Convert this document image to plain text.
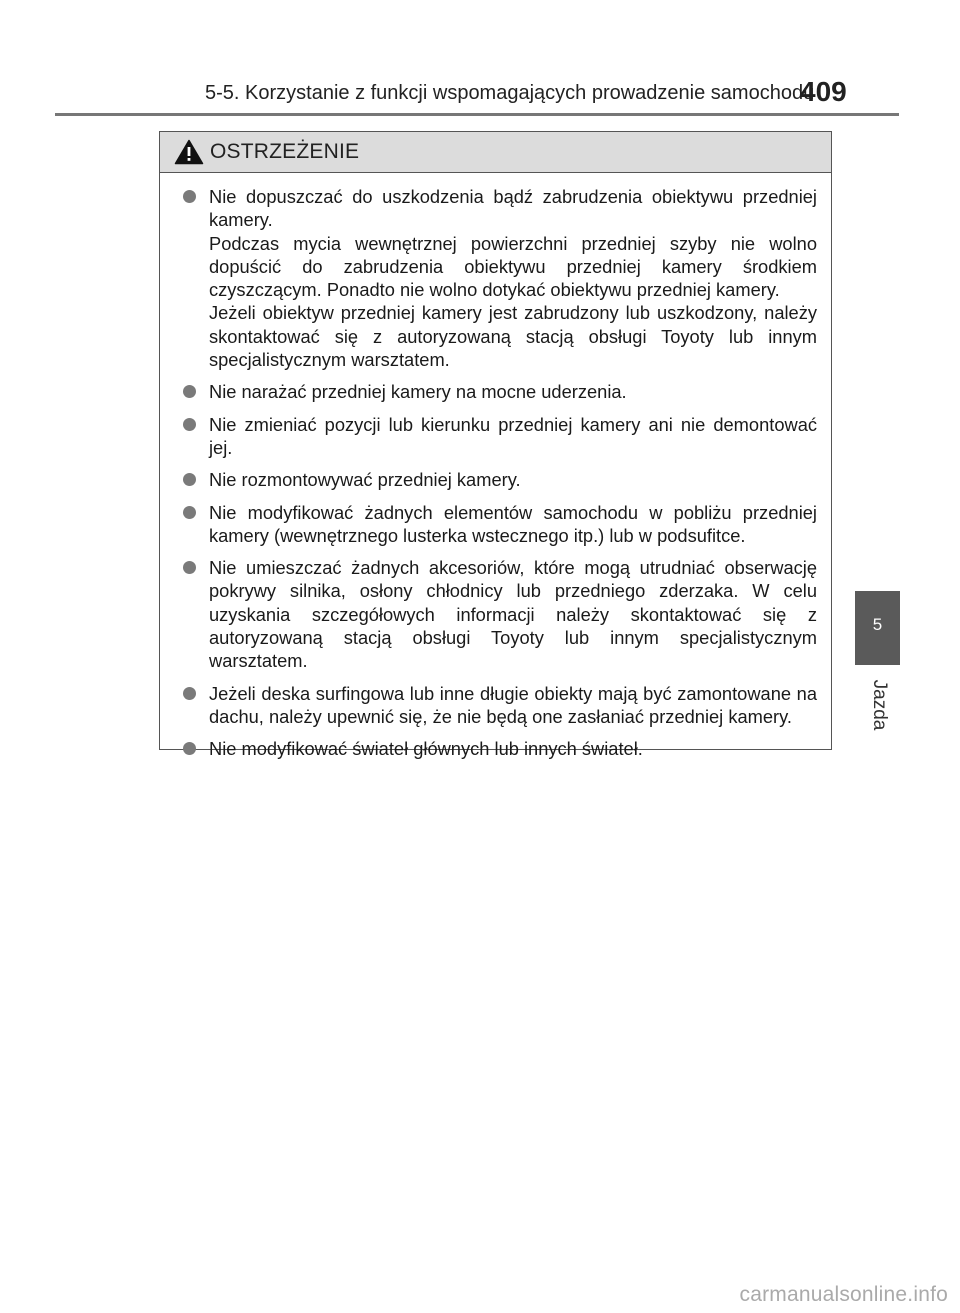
5-5. Korzystanie z funkcji wspomagających prowadzenie samochodu
409
OSTRZEŻENIE
Nie dopuszczać do uszkodzenia bądź zabrudzenia obiektywu przedniej kamery.
Podczas mycia wewnętrznej powierzchni przedniej szyby nie wolno dopuścić do zabrudzenia obiektywu przedniej kamery środkiem czyszczącym. Ponadto nie wolno dotykać obiektywu przedniej kamery.
Jeżeli obiektyw przedniej kamery jest zabrudzony lub uszkodzony, należy skontaktować się z autoryzowaną stacją obsługi Toyoty lub innym specjalistycznym warsztatem.
Nie narażać przedniej kamery na mocne uderzenia.
Nie zmieniać pozycji lub kierunku przedniej kamery ani nie demontować jej.
Nie rozmontowywać przedniej kamery.
Nie modyfikować żadnych elementów samochodu w pobliżu przedniej kamery (wewnętrznego lusterka wstecznego itp.) lub w podsufitce.
Nie umieszczać żadnych akcesoriów, które mogą utrudniać obserwację pokrywy silnika, osłony chłodnicy lub przedniego zderzaka. W celu uzyskania szczegółowych informacji należy skontaktować się z autoryzowaną stacją obsługi Toyoty lub innym specjalistycznym warsztatem.
Jeżeli deska surfingowa lub inne długie obiekty mają być zamontowane na dachu, należy upewnić się, że nie będą one zasłaniać przedniej kamery.
Nie modyfikować świateł głównych lub innych świateł.
5
Jazda
carmanualsonline.info
